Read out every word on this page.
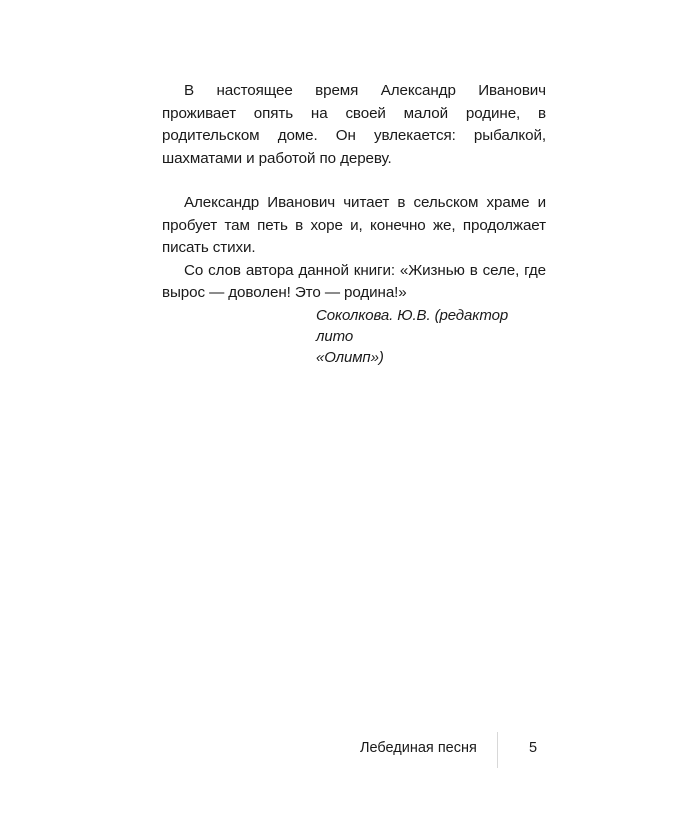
В настоящее время Александр Иванович проживает опять на своей малой родине, в родительском доме. Он увлекается: рыбалкой, шахматами и работой по дереву.

Александр Иванович читает в сельском храме и пробует там петь в хоре и, конечно же, продолжает писать стихи.

Со слов автора данной книги: «Жизнью в селе, где вырос — доволен! Это — родина!»

Соколкова. Ю.В. (редактор лито

«Олимп»)

Лебединая песня	5
